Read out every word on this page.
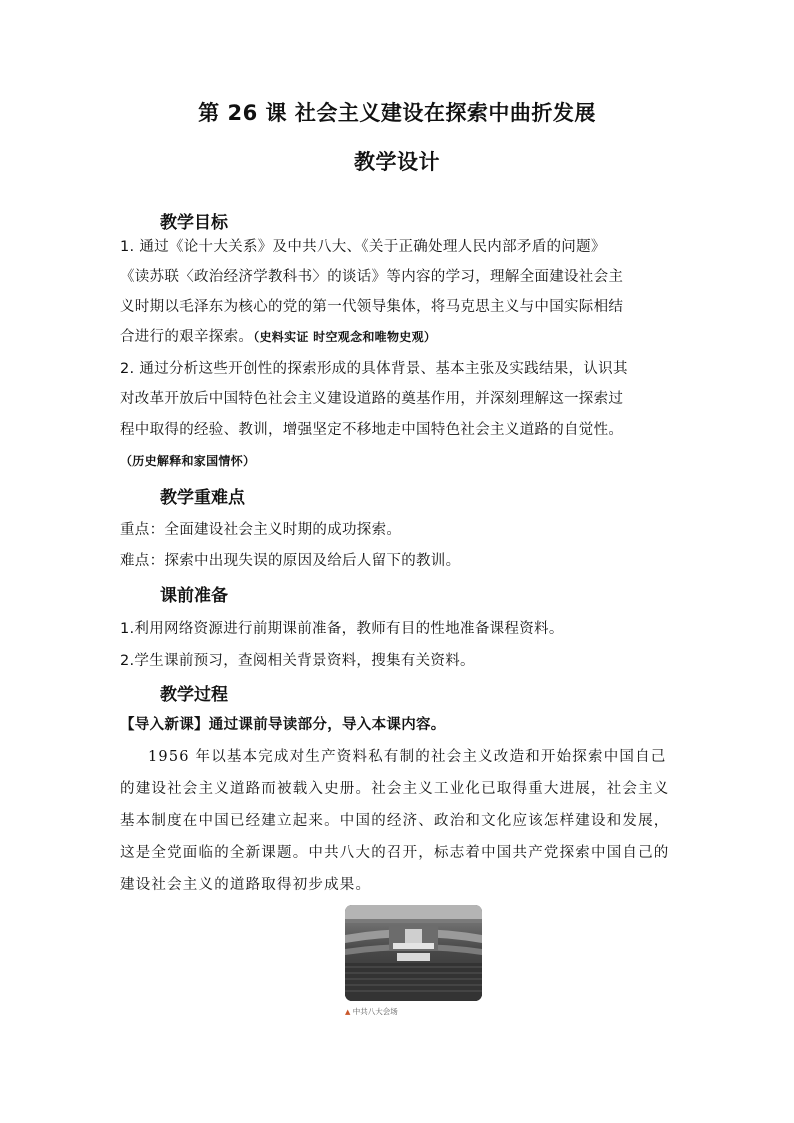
第 26 课 社会主义建设在探索中曲折发展
教学设计
教学目标
1. 通过《论十大关系》及中共八大、《关于正确处理人民内部矛盾的问题》
《读苏联〈政治经济学教科书〉的谈话》等内容的学习，理解全面建设社会主
义时期以毛泽东为核心的党的第一代领导集体，将马克思主义与中国实际相结
合进行的艰辛探索。（史料实证 时空观念和唯物史观）
2. 通过分析这些开创性的探索形成的具体背景、基本主张及实践结果，认识其
对改革开放后中国特色社会主义建设道路的奠基作用，并深刻理解这一探索过
程中取得的经验、教训，增强坚定不移地走中国特色社会主义道路的自觉性。
（历史解释和家国情怀）
教学重难点
重点：全面建设社会主义时期的成功探索。
难点：探索中出现失误的原因及给后人留下的教训。
课前准备
1.利用网络资源进行前期课前准备，教师有目的性地准备课程资料。
2.学生课前预习，查阅相关背景资料，搜集有关资料。
教学过程
【导入新课】通过课前导读部分，导入本课内容。
1956 年以基本完成对生产资料私有制的社会主义改造和开始探索中国自己
的建设社会主义道路而被载入史册。社会主义工业化已取得重大进展，社会主义
基本制度在中国已经建立起来。中国的经济、政治和文化应该怎样建设和发展，
这是全党面临的全新课题。中共八大的召开，标志着中国共产党探索中国自己的
建设社会主义的道路取得初步成果。
▲ 中共八大会场
